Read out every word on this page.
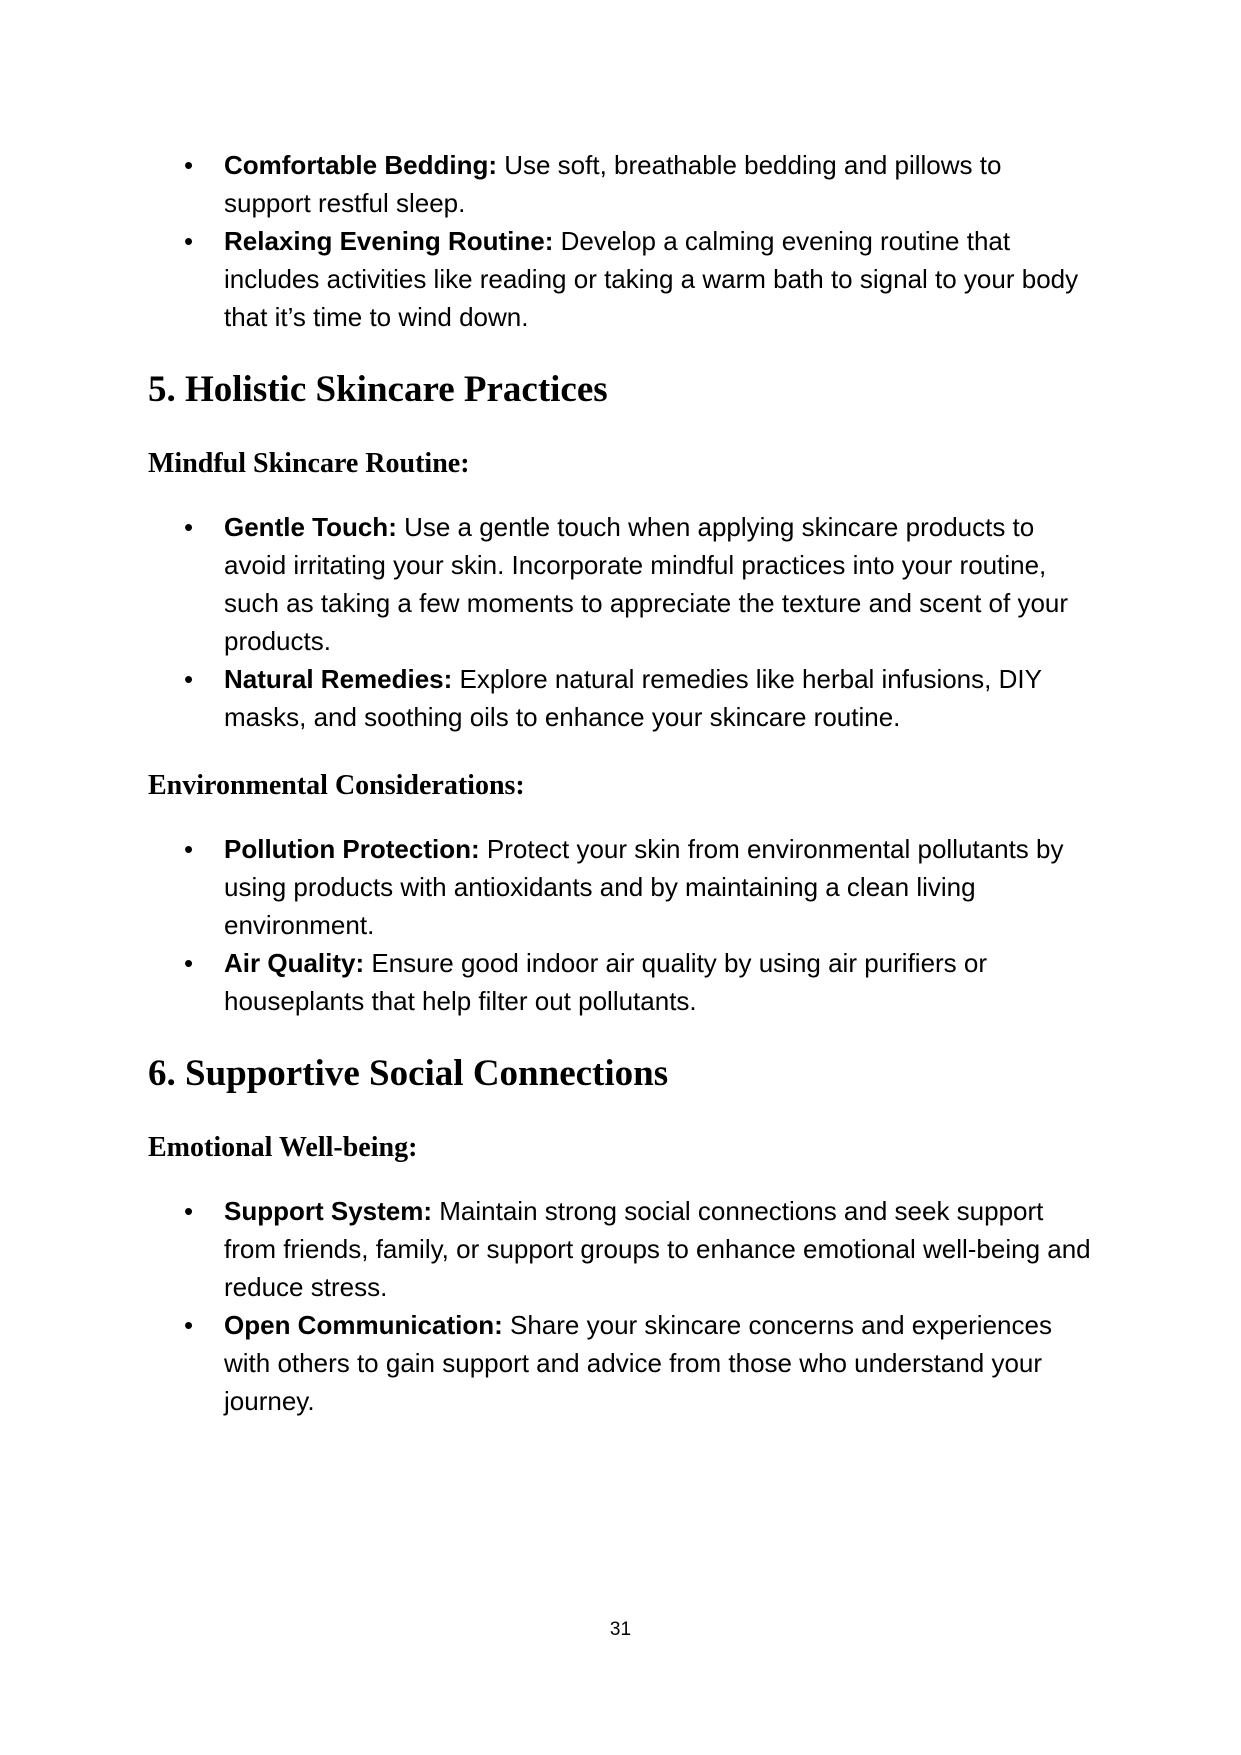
• Comfortable Bedding: Use soft, breathable bedding and pillows to support restful sleep.
• Relaxing Evening Routine: Develop a calming evening routine that includes activities like reading or taking a warm bath to signal to your body that it’s time to wind down.
5. Holistic Skincare Practices
Mindful Skincare Routine:
• Gentle Touch: Use a gentle touch when applying skincare products to avoid irritating your skin. Incorporate mindful practices into your routine, such as taking a few moments to appreciate the texture and scent of your products.
• Natural Remedies: Explore natural remedies like herbal infusions, DIY masks, and soothing oils to enhance your skincare routine.
Environmental Considerations:
• Pollution Protection: Protect your skin from environmental pollutants by using products with antioxidants and by maintaining a clean living environment.
• Air Quality: Ensure good indoor air quality by using air purifiers or houseplants that help filter out pollutants.
6. Supportive Social Connections
Emotional Well-being:
• Support System: Maintain strong social connections and seek support from friends, family, or support groups to enhance emotional well-being and reduce stress.
• Open Communication: Share your skincare concerns and experiences with others to gain support and advice from those who understand your journey.
31
